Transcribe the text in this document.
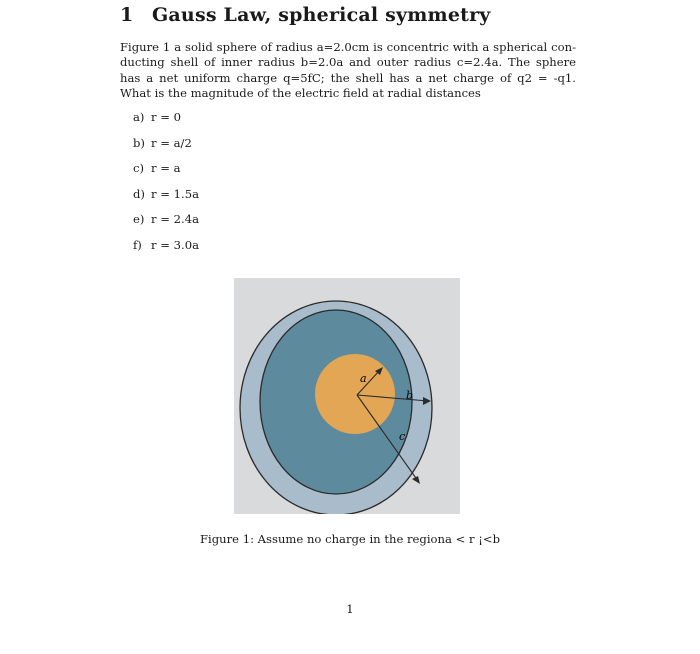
1 Gauss Law, spherical symmetry
Figure 1 a solid sphere of radius a=2.0cm is concentric with a spherical con-ducting shell of inner radius b=2.0a and outer radius c=2.4a. The sphere has a net uniform charge q=5fC; the shell has a net charge of q2 = -q1. What is the magnitude of the electric field at radial distances
a) r = 0
b) r = a/2
c) r = a
d) r = 1.5a
e) r = 2.4a
f) r = 3.0a
a
b
c
Figure 1: Assume no charge in the regiona < r ¡<b
1
